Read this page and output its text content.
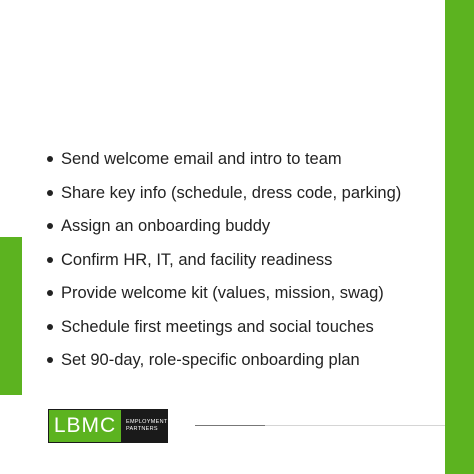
Send welcome email and intro to team
Share key info (schedule, dress code, parking)
Assign an onboarding buddy
Confirm HR, IT, and facility readiness
Provide welcome kit (values, mission, swag)
Schedule first meetings and social touches
Set 90-day, role-specific onboarding plan
LBMC	EMPLOYMENT
PARTNERS
